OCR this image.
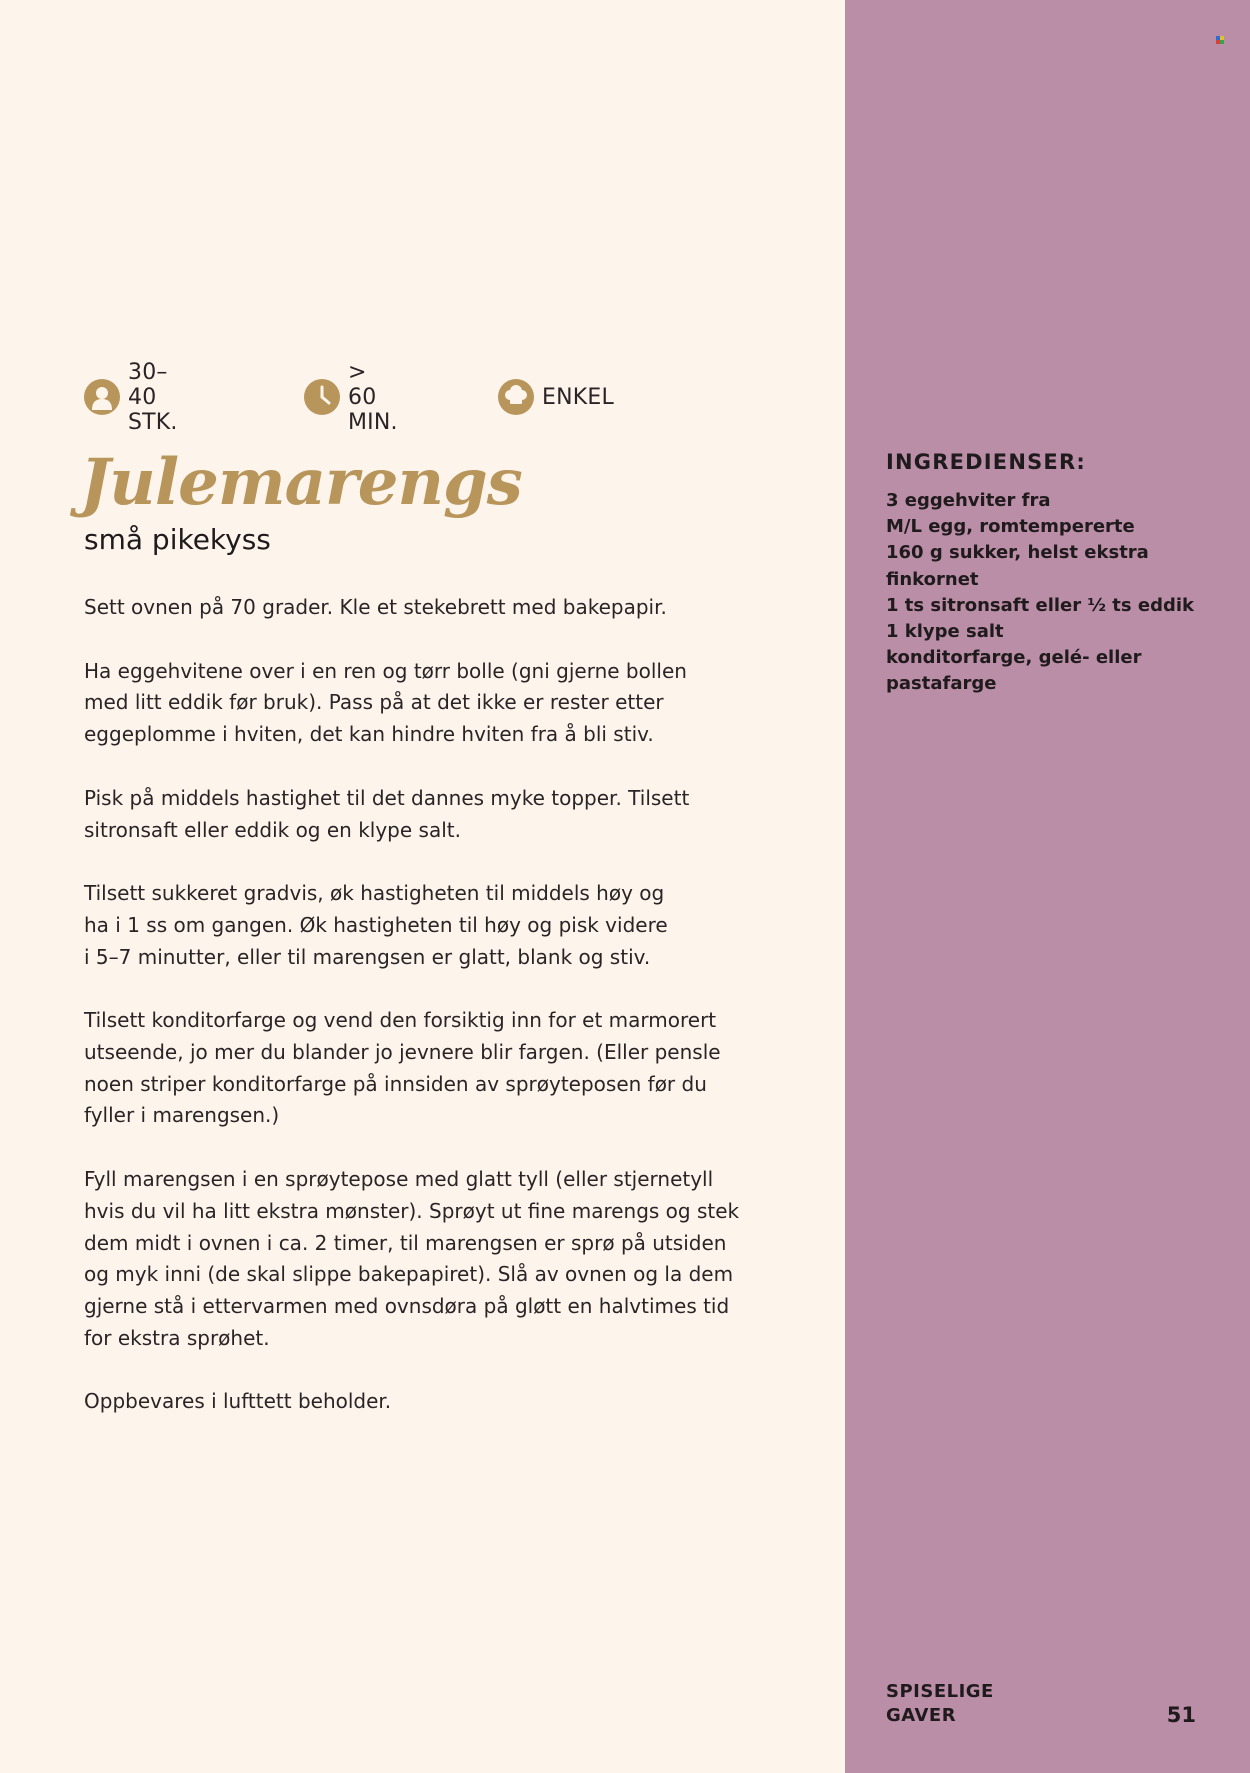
30–40 STK.
> 60 MIN.
ENKEL
Julemarengs
små pikekyss

Sett ovnen på 70 grader. Kle et stekebrett med bakepapir.

Ha eggehvitene over i en ren og tørr bolle (gni gjerne bollen
med litt eddik før bruk). Pass på at det ikke er rester etter
eggeplomme i hviten, det kan hindre hviten fra å bli stiv.

Pisk på middels hastighet til det dannes myke topper. Tilsett
sitronsaft eller eddik og en klype salt.

Tilsett sukkeret gradvis, øk hastigheten til middels høy og
ha i 1 ss om gangen. Øk hastigheten til høy og pisk videre
i 5–7 minutter, eller til marengsen er glatt, blank og stiv.

Tilsett konditorfarge og vend den forsiktig inn for et marmorert
utseende, jo mer du blander jo jevnere blir fargen. (Eller pensle
noen striper konditorfarge på innsiden av sprøyteposen før du
fyller i marengsen.)

Fyll marengsen i en sprøytepose med glatt tyll (eller stjernetyll
hvis du vil ha litt ekstra mønster). Sprøyt ut fine marengs og stek
dem midt i ovnen i ca. 2 timer, til marengsen er sprø på utsiden
og myk inni (de skal slippe bakepapiret). Slå av ovnen og la dem
gjerne stå i ettervarmen med ovnsdøra på gløtt en halvtimes tid
for ekstra sprøhet.

Oppbevares i lufttett beholder.

INGREDIENSER:
3 eggehviter fra
M/L egg, romtempererte
160 g sukker, helst ekstra
finkornet
1 ts sitronsaft eller ½ ts eddik
1 klype salt
konditorfarge, gelé- eller
pastafarge
SPISELIGE
GAVER	51
